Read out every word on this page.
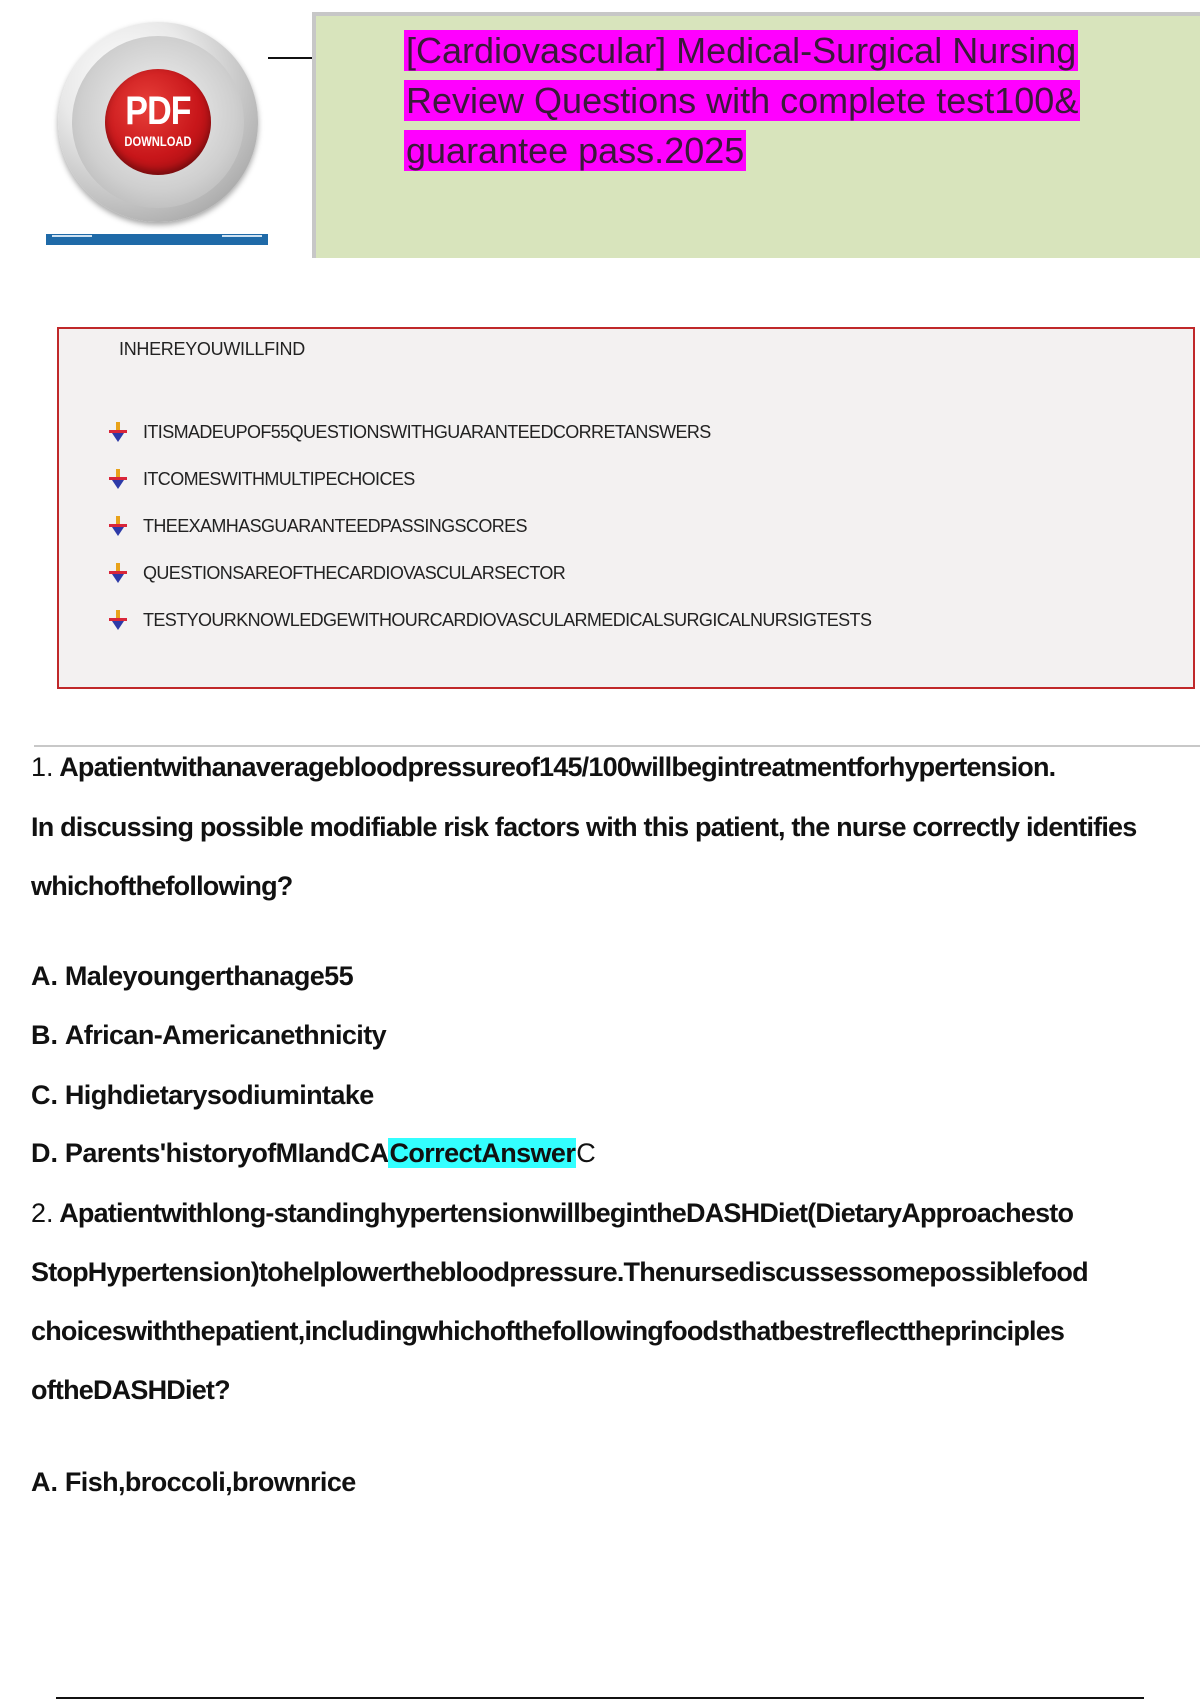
PDF
DOWNLOAD
[Cardiovascular] Medical-Surgical Nursing
Review Questions with complete test100&
guarantee pass.2025
INHEREYOUWILLFIND
ITISMADEUPOF55QUESTIONSWITHGUARANTEEDCORRETANSWERS
ITCOMESWITHMULTIPECHOICES
THEEXAMHASGUARANTEEDPASSINGSCORES
QUESTIONSAREOFTHECARDIOVASCULARSECTOR
TESTYOURKNOWLEDGEWITHOURCARDIOVASCULARMEDICALSURGICALNURSIGTESTS
1. Apatientwithanaveragebloodpressureof145/100willbegintreatmentforhypertension.
In discussing possible modifiable risk factors with this patient, the nurse correctly identifies
whichofthefollowing?
A. Maleyoungerthanage55
B. African-Americanethnicity
C. Highdietarysodiumintake
D. Parents'historyofMIandCACorrectAnswerC
2. Apatientwithlong-standinghypertensionwillbegintheDASHDiet(DietaryApproachesto
StopHypertension)tohelplowerthebloodpressure.Thenursediscussessomepossiblefood
choiceswiththepatient,includingwhichofthefollowingfoodsthatbestreflecttheprinciples
oftheDASHDiet?
A. Fish,broccoli,brownrice
